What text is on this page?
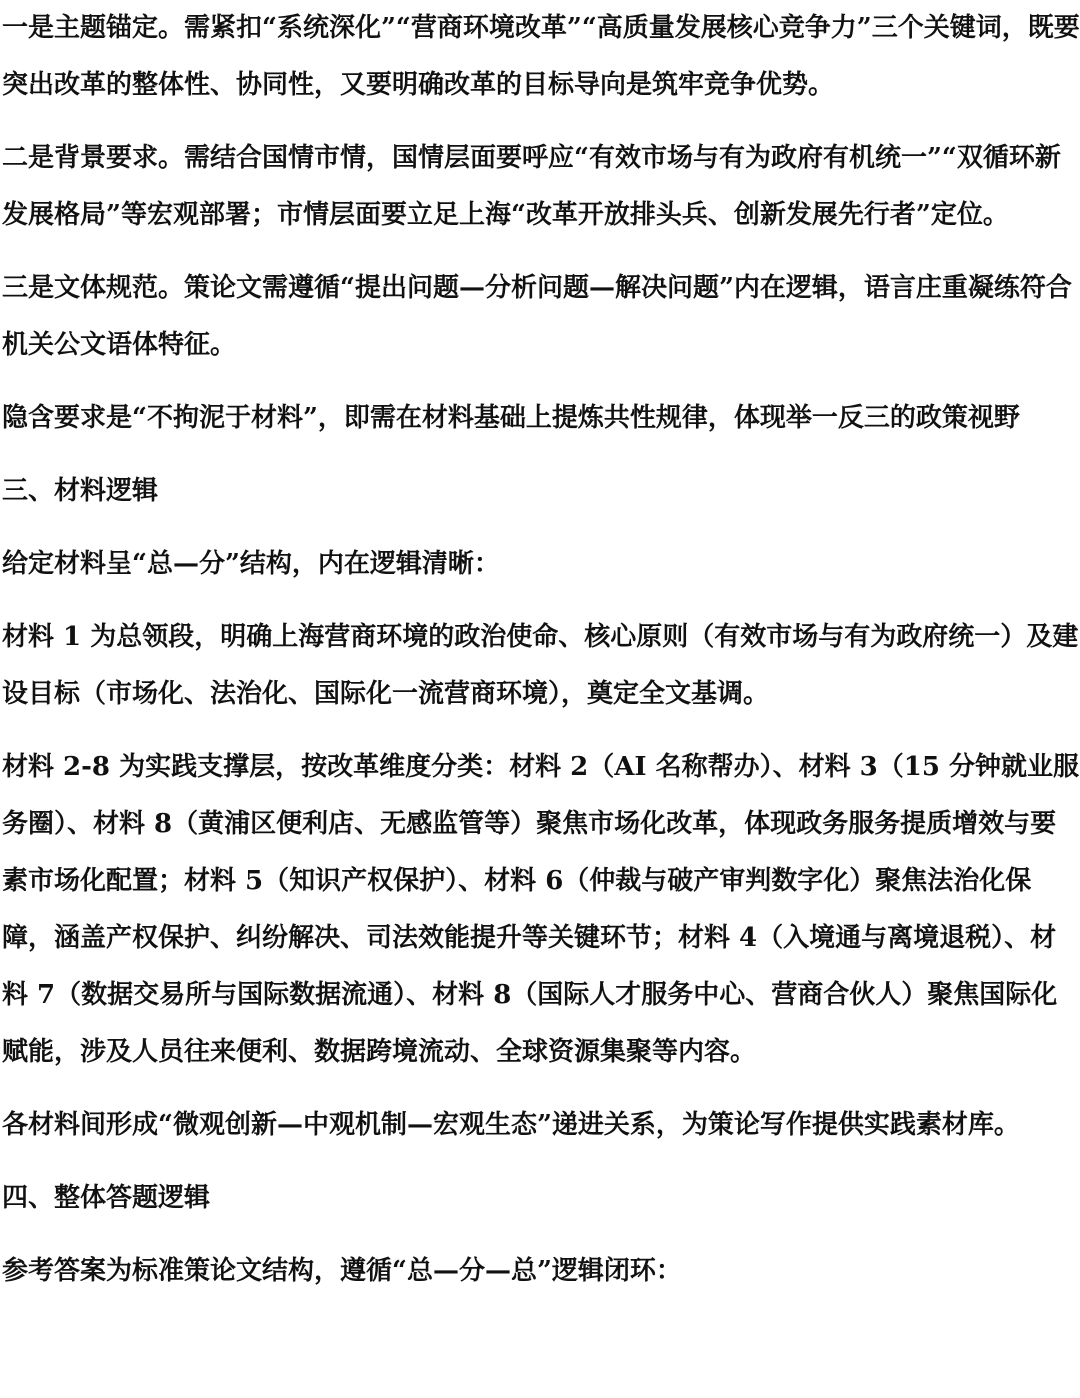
一是主题锚定。需紧扣“系统深化”“营商环境改革”“高质量发展核心竞争力”三个关键词，既要突出改革的整体性、协同性，又要明确改革的目标导向是筑牢竞争优势。

二是背景要求。需结合国情市情，国情层面要呼应“有效市场与有为政府有机统一”“双循环新发展格局”等宏观部署；市情层面要立足上海“改革开放排头兵、创新发展先行者”定位。

三是文体规范。策论文需遵循“提出问题—分析问题—解决问题”内在逻辑，语言庄重凝练符合机关公文语体特征。

隐含要求是“不拘泥于材料”，即需在材料基础上提炼共性规律，体现举一反三的政策视野

三、材料逻辑

给定材料呈“总—分”结构，内在逻辑清晰：

材料 1 为总领段，明确上海营商环境的政治使命、核心原则（有效市场与有为政府统一）及建设目标（市场化、法治化、国际化一流营商环境），奠定全文基调。

材料 2-8 为实践支撑层，按改革维度分类：材料 2（AI 名称帮办）、材料 3（15 分钟就业服务圈）、材料 8（黄浦区便利店、无感监管等）聚焦市场化改革，体现政务服务提质增效与要素市场化配置；材料 5（知识产权保护）、材料 6（仲裁与破产审判数字化）聚焦法治化保障，涵盖产权保护、纠纷解决、司法效能提升等关键环节；材料 4（入境通与离境退税）、材料 7（数据交易所与国际数据流通）、材料 8（国际人才服务中心、营商合伙人）聚焦国际化赋能，涉及人员往来便利、数据跨境流动、全球资源集聚等内容。

各材料间形成“微观创新—中观机制—宏观生态”递进关系，为策论写作提供实践素材库。

四、整体答题逻辑

参考答案为标准策论文结构，遵循“总—分—总”逻辑闭环：
